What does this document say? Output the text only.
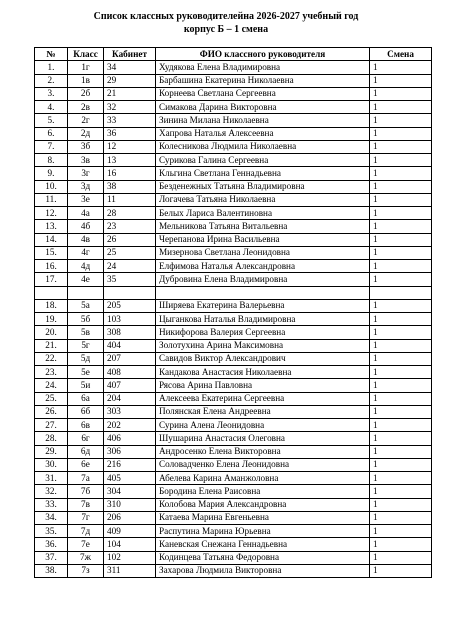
Список классных руководителейна 2026-2027 учебный год
корпус Б – 1 смена
№	Класс	Кабинет	ФИО классного руководителя	Смена
1.	1г	34	Худякова Елена Владимировна	1
2.	1в	29	Барбашина Екатерина Николаевна	1
3.	2б	21	Корнеева Светлана Сергеевна	1
4.	2в	32	Симакова Дарина Викторовна	1
5.	2г	33	Зинина Милана Николаевна	1
6.	2д	36	Хапрова Наталья Алексеевна	1
7.	3б	12	Колесникова Людмила Николаевна	1
8.	3в	13	Сурикова Галина Сергеевна	1
9.	3г	16	Кльгина Светлана Геннадьевна	1
10.	3д	38	Безденежных Татьяна Владимировна	1
11.	3е	11	Логачева Татьяна Николаевна	1
12.	4а	28	Белых Лариса Валентиновна	1
13.	4б	23	Мельникова Татьяна Витальевна	1
14.	4в	26	Черепанова Ирина Васильевна	1
15.	4г	25	Мизернова Светлана Леонидовна	1
16.	4д	24	Елфимова Наталья Александровна	1
17.	4е	35	Дубровина Елена Владимировна	1

18.	5а	205	Ширяева Екатерина Валерьевна	1
19.	5б	103	Цыганкова Наталья Владимировна	1
20.	5в	308	Никифорова Валерия Сергеевна	1
21.	5г	404	Золотухина Арина Максимовна	1
22.	5д	207	Савидов Виктор Александрович	1
23.	5е	408	Кандакова Анастасия Николаевна	1
24.	5и	407	Рясова Арина Павловна	1
25.	6а	204	Алексеева Екатерина Сергеевна	1
26.	6б	303	Полянская Елена Андреевна	1
27.	6в	202	Сурина Алена Леонидовна	1
28.	6г	406	Шушарина Анастасия Олеговна	1
29.	6д	306	Андросенко Елена Викторовна	1
30.	6е	216	Соловадченко Елена Леонидовна	1
31.	7а	405	Абелева Карина Аманжоловна	1
32.	7б	304	Бородина Елена Раисовна	1
33.	7в	310	Колобова Мария Александровна	1
34.	7г	206	Катаева Марина Евгеньевна	1
35.	7д	409	Распутина Марина Юрьевна	1
36.	7е	104	Каневская Снежана Геннадьевна	1
37.	7ж	102	Кодинцева Татьяна Федоровна	1
38.	7з	311	Захарова Людмила Викторовна	1
